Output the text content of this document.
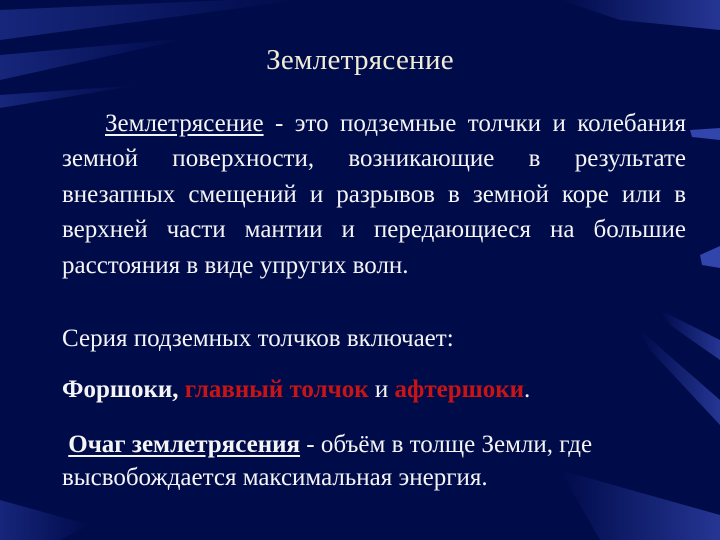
Землетрясение
Землетрясение - это подземные толчки и колебания земной поверхности, возникающие в результате внезапных смещений и разрывов в земной коре или в верхней части мантии и передающиеся на большие расстояния в виде упругих волн.
Серия подземных толчков включает:
Форшоки, главный толчок и афтершоки.
Очаг землетрясения - объём в толще Земли, где высвобождается максимальная энергия.
